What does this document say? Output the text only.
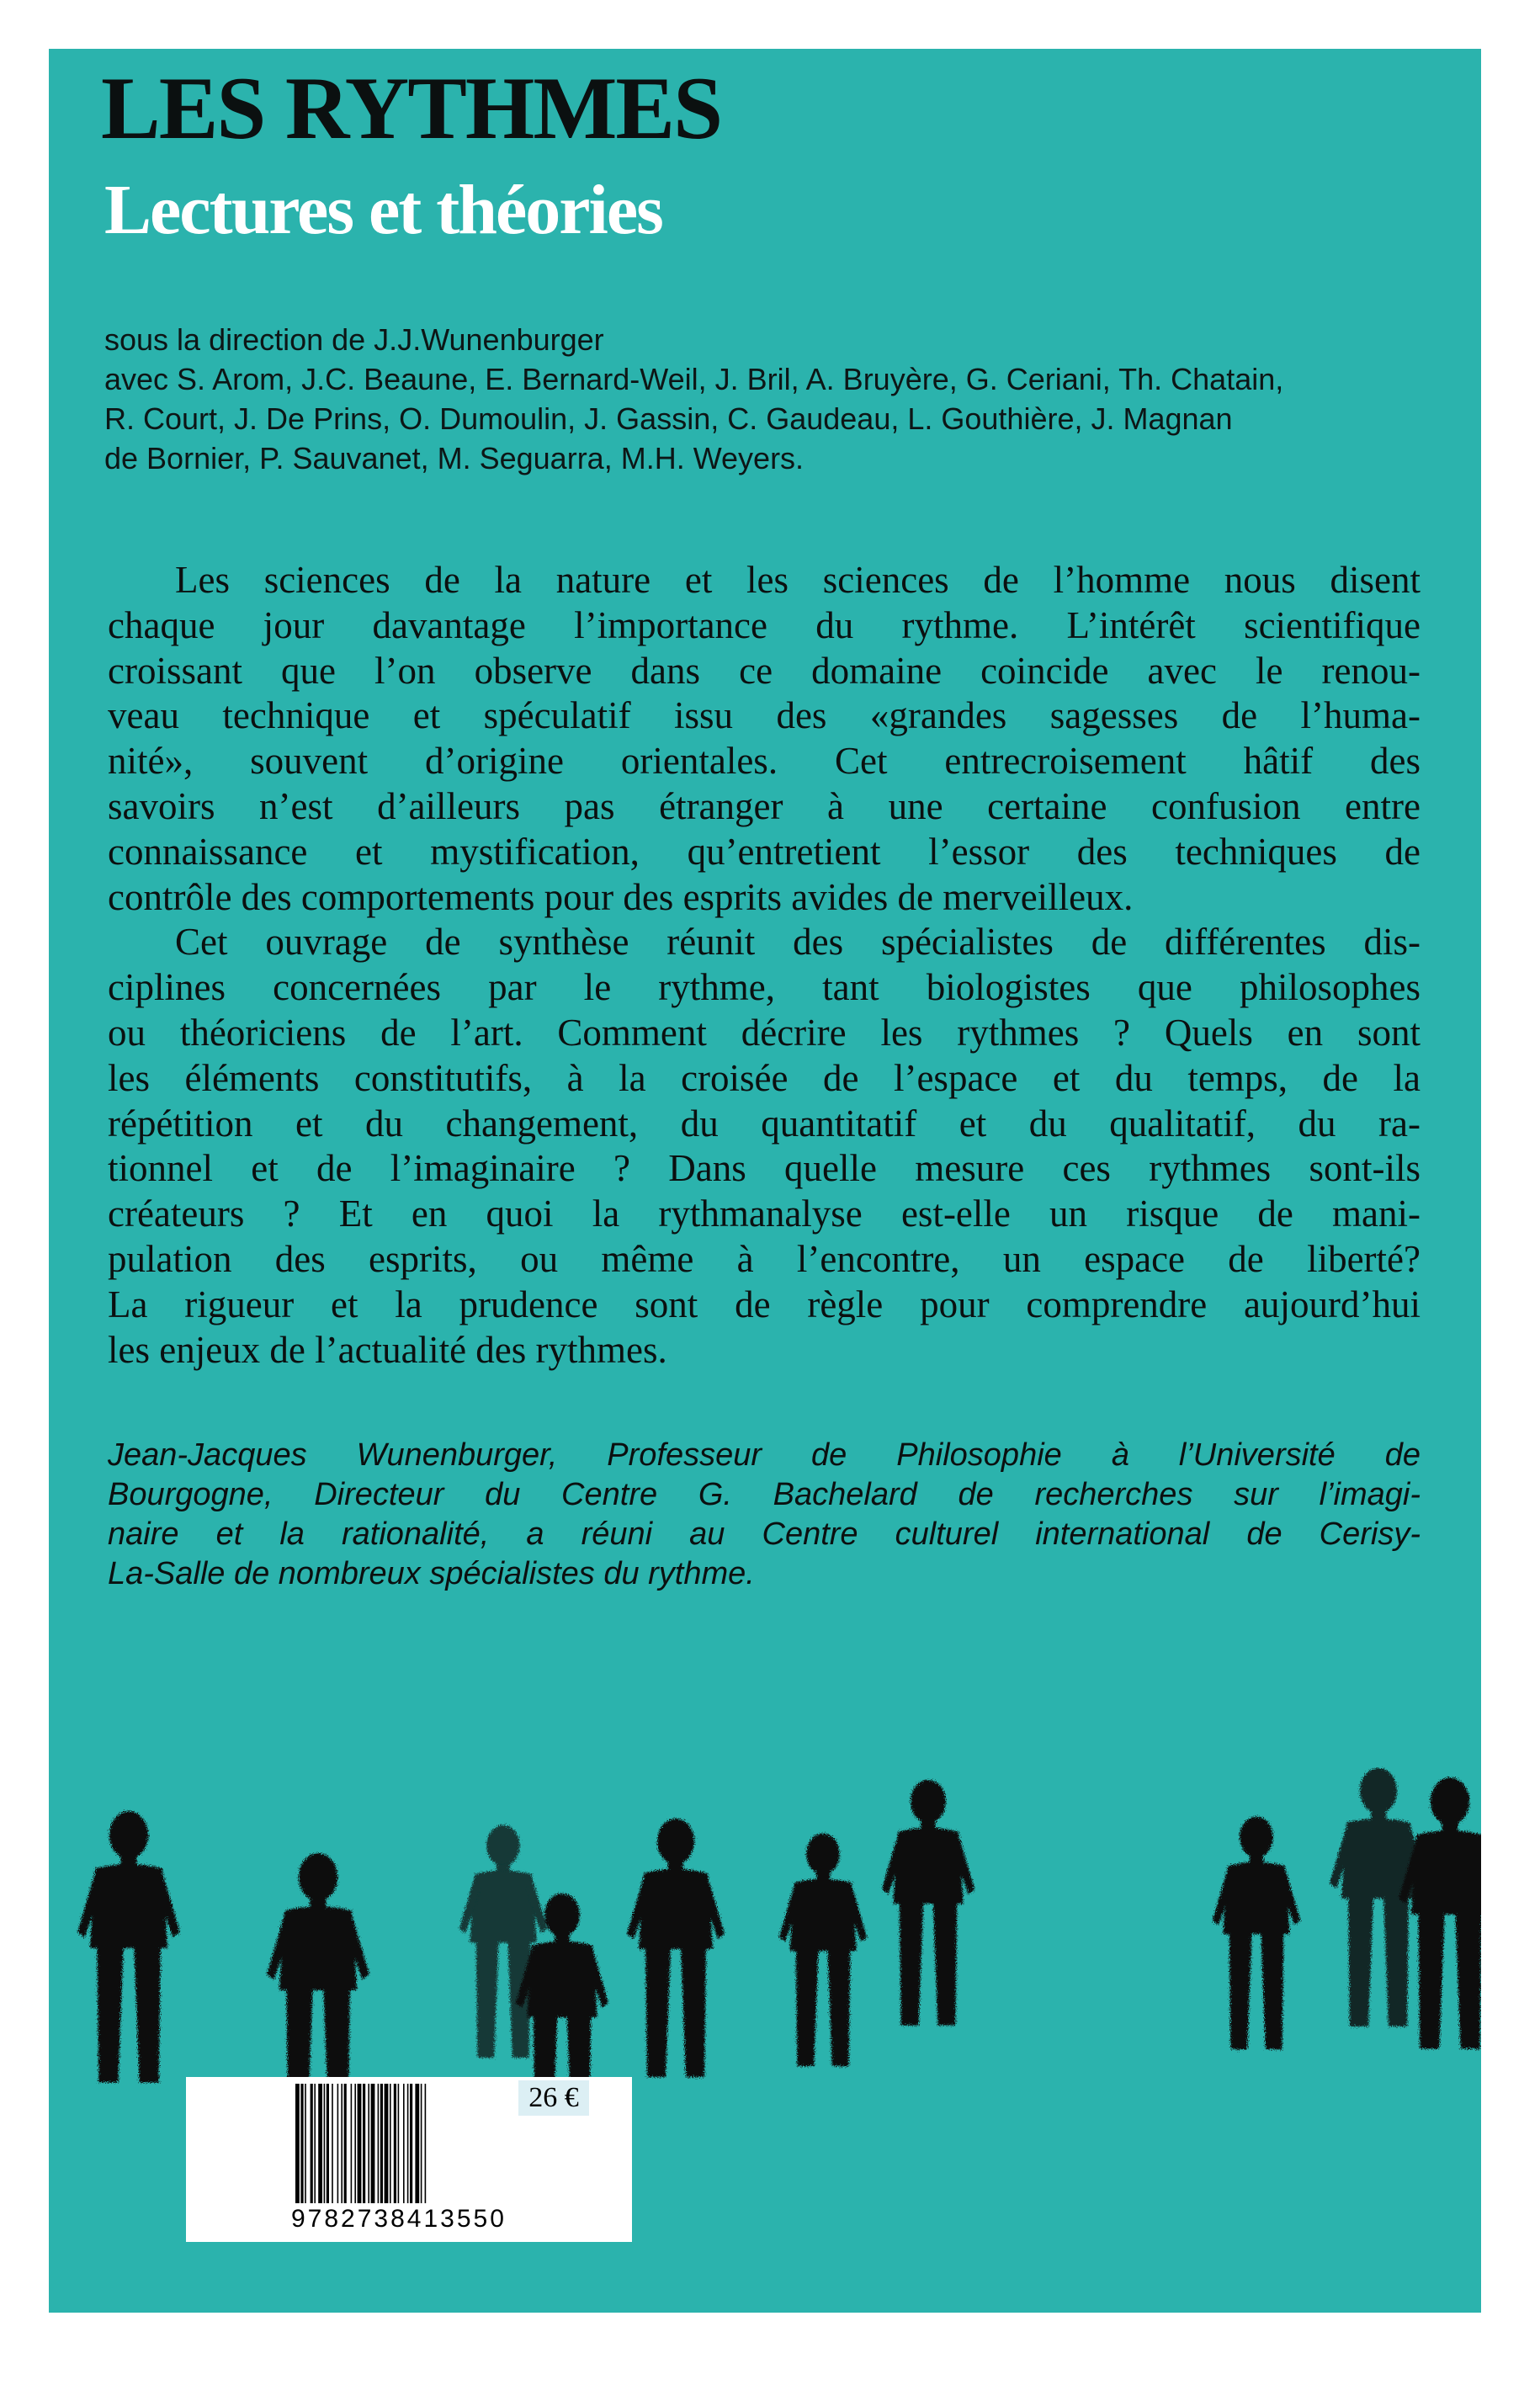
LES RYTHMES
Lectures et théories
sous la direction de J.J.Wunenburger
avec S. Arom, J.C. Beaune, E. Bernard-Weil, J. Bril, A. Bruyère, G. Ceriani, Th. Chatain,
R. Court, J. De Prins, O. Dumoulin, J. Gassin, C. Gaudeau, L. Gouthière, J. Magnan
de Bornier, P. Sauvanet, M. Seguarra, M.H. Weyers.
Les sciences de la nature et les sciences de l’homme nous disent
chaque jour davantage l’importance du rythme. L’intérêt scientifique
croissant que l’on observe dans ce domaine coincide avec le renou-
veau technique et spéculatif issu des «grandes sagesses de l’huma-
nité», souvent d’origine orientales. Cet entrecroisement hâtif des
savoirs n’est d’ailleurs pas étranger à une certaine confusion entre
connaissance et mystification, qu’entretient l’essor des techniques de
contrôle des comportements pour des esprits avides de merveilleux.
Cet ouvrage de synthèse réunit des spécialistes de différentes dis-
ciplines concernées par le rythme, tant biologistes que philosophes
ou théoriciens de l’art. Comment décrire les rythmes ? Quels en sont
les éléments constitutifs, à la croisée de l’espace et du temps, de la
répétition et du changement, du quantitatif et du qualitatif, du ra-
tionnel et de l’imaginaire ? Dans quelle mesure ces rythmes sont-ils
créateurs ? Et en quoi la rythmanalyse est-elle un risque de mani-
pulation des esprits, ou même à l’encontre, un espace de liberté?
La rigueur et la prudence sont de règle pour comprendre aujourd’hui
les enjeux de l’actualité des rythmes.
Jean-Jacques Wunenburger, Professeur de Philosophie à l’Université de
Bourgogne, Directeur du Centre G. Bachelard de recherches sur l’imagi-
naire et la rationalité, a réuni au Centre culturel international de Cerisy-
La-Salle de nombreux spécialistes du rythme.
9782738413550
26 €
